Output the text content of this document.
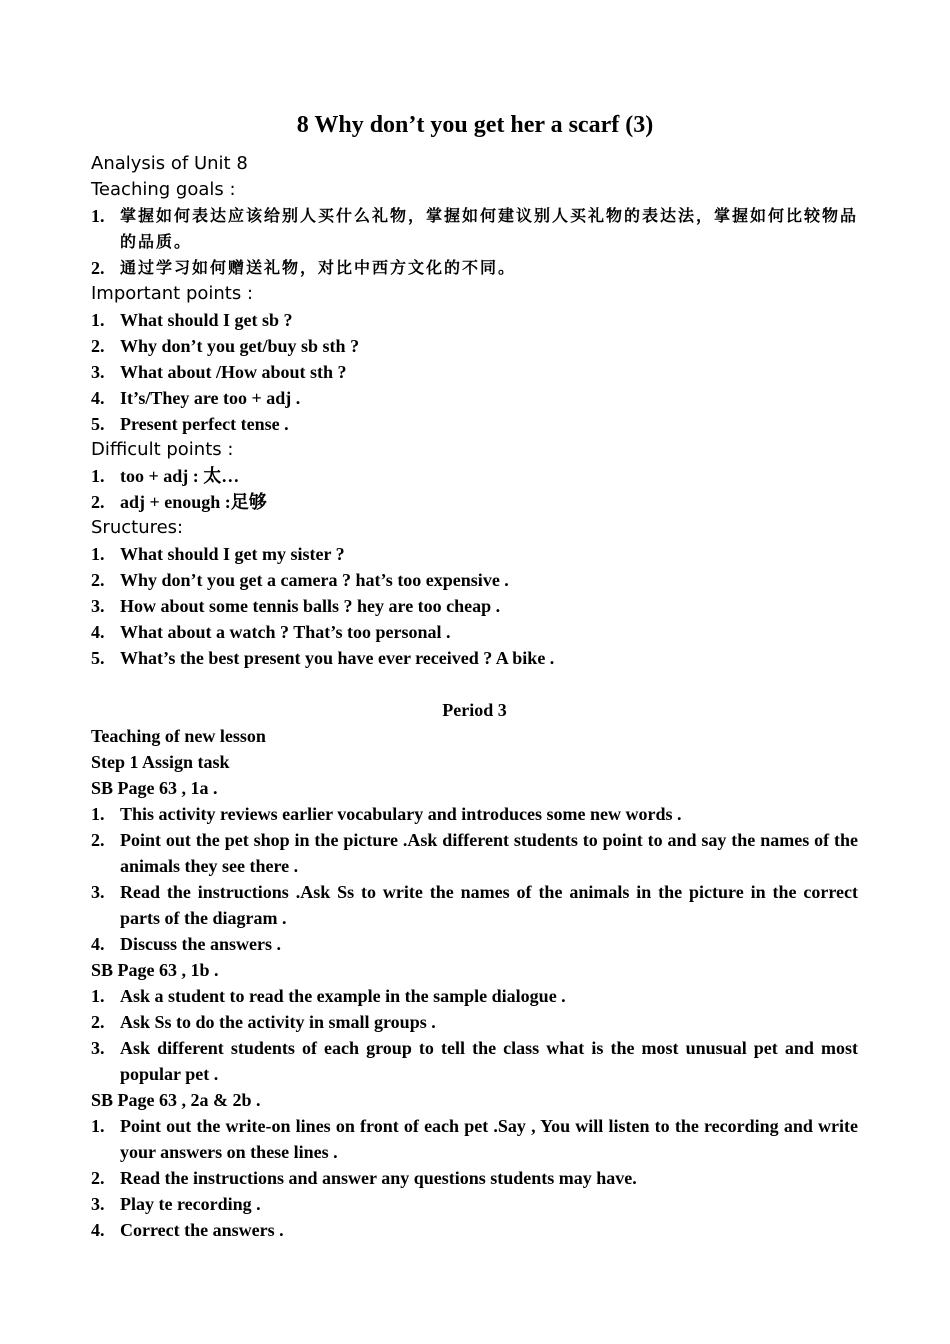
8 Why don’t you get her a scarf (3)
Analysis of Unit 8
Teaching goals :
1. 掌握如何表达应该给别人买什么礼物，掌握如何建议别人买礼物的表达法，掌握如何比较物品的品质。
2. 通过学习如何赠送礼物，对比中西方文化的不同。
Important points :
1. What should I get sb ?
2. Why don’t you get/buy sb sth ?
3. What about /How about sth ?
4. It’s/They are too + adj .
5. Present perfect tense .
Difficult points :
1. too + adj : 太…
2. adj + enough :足够
Sructures:
1. What should I get my sister ?
2. Why don’t you get a camera ? hat’s too expensive .
3. How about some tennis balls ? hey are too cheap .
4. What about a watch ? That’s too personal .
5. What’s the best present you have ever received ? A bike .
Period 3
Teaching of new lesson
Step 1 Assign task
SB Page 63 , 1a .
1. This activity reviews earlier vocabulary and introduces some new words .
2. Point out the pet shop in the picture .Ask different students to point to and say the names of the animals they see there .
3. Read the instructions .Ask Ss to write the names of the animals in the picture in the correct parts of the diagram .
4. Discuss the answers .
SB Page 63 , 1b .
1. Ask a student to read the example in the sample dialogue .
2. Ask Ss to do the activity in small groups .
3. Ask different students of each group to tell the class what is the most unusual pet and most popular pet .
SB Page 63 , 2a & 2b .
1. Point out the write-on lines on front of each pet .Say , You will listen to the recording and write your answers on these lines .
2. Read the instructions and answer any questions students may have.
3. Play te recording .
4. Correct the answers .
